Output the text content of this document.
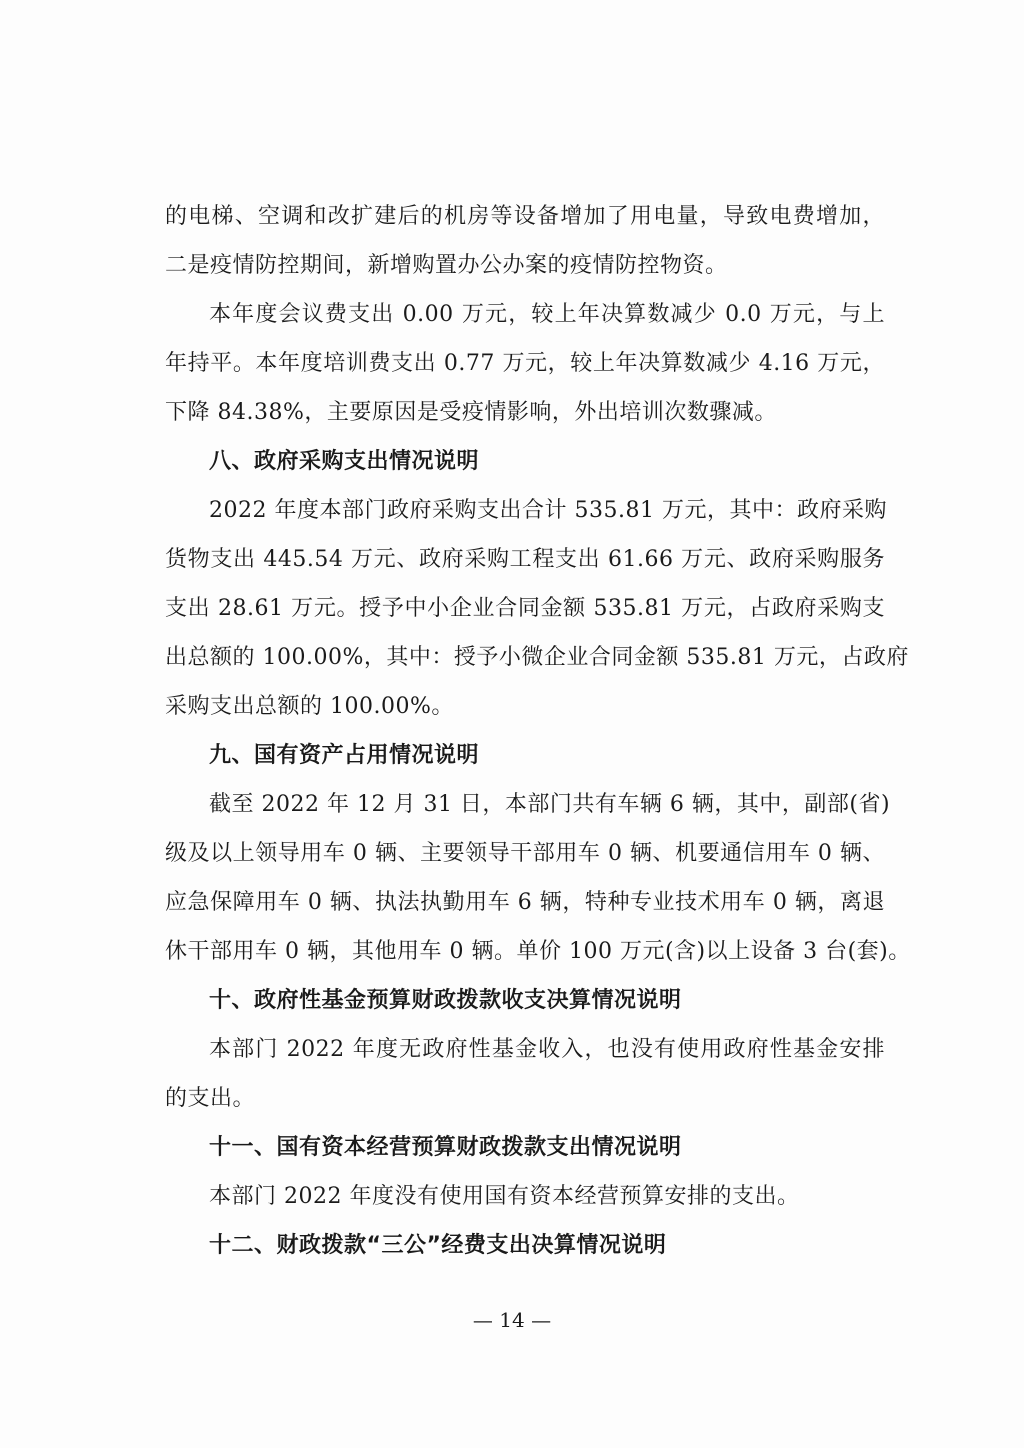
的电梯、空调和改扩建后的机房等设备增加了用电量，导致电费增加，
二是疫情防控期间，新增购置办公办案的疫情防控物资。
本年度会议费支出 0.00 万元，较上年决算数减少 0.0 万元，与上
年持平。本年度培训费支出 0.77 万元，较上年决算数减少 4.16 万元，
下降 84.38%，主要原因是受疫情影响，外出培训次数骤减。
八、政府采购支出情况说明
2022 年度本部门政府采购支出合计 535.81 万元，其中：政府采购
货物支出 445.54 万元、政府采购工程支出 61.66 万元、政府采购服务
支出 28.61 万元。授予中小企业合同金额 535.81 万元，占政府采购支
出总额的 100.00%，其中：授予小微企业合同金额 535.81 万元，占政府
采购支出总额的 100.00%。
九、国有资产占用情况说明
截至 2022 年 12 月 31 日，本部门共有车辆 6 辆，其中，副部(省)
级及以上领导用车 0 辆、主要领导干部用车 0 辆、机要通信用车 0 辆、
应急保障用车 0 辆、执法执勤用车 6 辆，特种专业技术用车 0 辆，离退
休干部用车 0 辆，其他用车 0 辆。单价 100 万元(含)以上设备 3 台(套)。
十、政府性基金预算财政拨款收支决算情况说明
本部门 2022 年度无政府性基金收入，也没有使用政府性基金安排
的支出。
十一、国有资本经营预算财政拨款支出情况说明
本部门 2022 年度没有使用国有资本经营预算安排的支出。
十二、财政拨款“三公”经费支出决算情况说明
— 14 —
